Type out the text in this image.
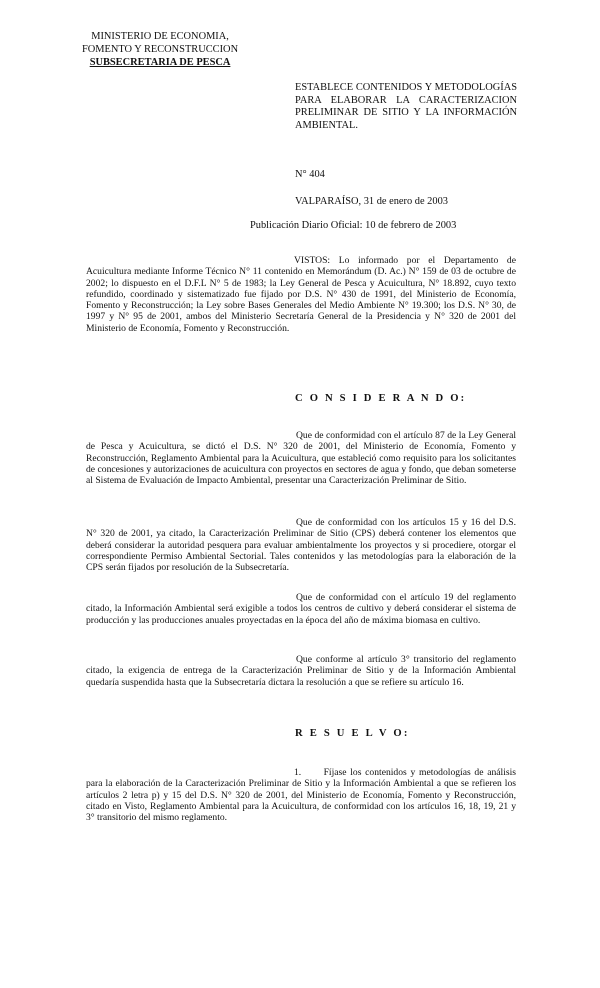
MINISTERIO DE ECONOMIA,
FOMENTO Y RECONSTRUCCION
SUBSECRETARIA DE PESCA
ESTABLECE CONTENIDOS Y METODOLOGÍAS PARA ELABORAR LA CARACTERIZACION PRELIMINAR DE SITIO Y LA INFORMACIÓN AMBIENTAL.
N° 404
VALPARAÍSO, 31 de enero de 2003
Publicación Diario Oficial: 10 de febrero de 2003

VISTOS: Lo informado por el Departamento de Acuicultura mediante Informe Técnico N° 11 contenido en Memorándum (D. Ac.) N° 159 de 03 de octubre de 2002; lo dispuesto en el D.F.L N° 5 de 1983; la Ley General de Pesca y Acuicultura, N° 18.892, cuyo texto refundido, coordinado y sistematizado fue fijado por D.S. N° 430 de 1991, del Ministerio de Economía, Fomento y Reconstrucción; la Ley sobre Bases Generales del Medio Ambiente N° 19.300; los D.S. N° 30, de 1997 y N° 95 de 2001, ambos del Ministerio Secretaría General de la Presidencia y N° 320 de 2001 del Ministerio de Economía, Fomento y Reconstrucción.

C O N S I D E R A N D O:

Que de conformidad con el artículo 87 de la Ley General de Pesca y Acuicultura, se dictó el D.S. N° 320 de 2001, del Ministerio de Economía, Fomento y Reconstrucción, Reglamento Ambiental para la Acuicultura, que estableció como requisito para los solicitantes de concesiones y autorizaciones de acuicultura con proyectos en sectores de agua y fondo, que deban someterse al Sistema de Evaluación de Impacto Ambiental, presentar una Caracterización Preliminar de Sitio.

Que de conformidad con los artículos 15 y 16 del D.S. N° 320 de 2001, ya citado, la Caracterización Preliminar de Sitio (CPS) deberá contener los elementos que deberá considerar la autoridad pesquera para evaluar ambientalmente los proyectos y si procediere, otorgar el correspondiente Permiso Ambiental Sectorial. Tales contenidos y las metodologías para la elaboración de la CPS serán fijados por resolución de la Subsecretaría.

Que de conformidad con el artículo 19 del reglamento citado, la Información Ambiental será exigible a todos los centros de cultivo y deberá considerar el sistema de producción y las producciones anuales proyectadas en la época del año de máxima biomasa en cultivo.

Que conforme al artículo 3° transitorio del reglamento citado, la exigencia de entrega de la Caracterización Preliminar de Sitio y de la Información Ambiental quedaría suspendida hasta que la Subsecretaría dictara la resolución a que se refiere su artículo 16.

R E S U E L V O:

1.      Fíjase los contenidos y metodologías de análisis para la elaboración de la Caracterización Preliminar de Sitio y la Información Ambiental a que se refieren los artículos 2 letra p) y 15 del D.S. N° 320 de 2001, del Ministerio de Economía, Fomento y Reconstrucción, citado en Visto, Reglamento Ambiental para la Acuicultura, de conformidad con los artículos 16, 18, 19, 21 y 3° transitorio del mismo reglamento.
